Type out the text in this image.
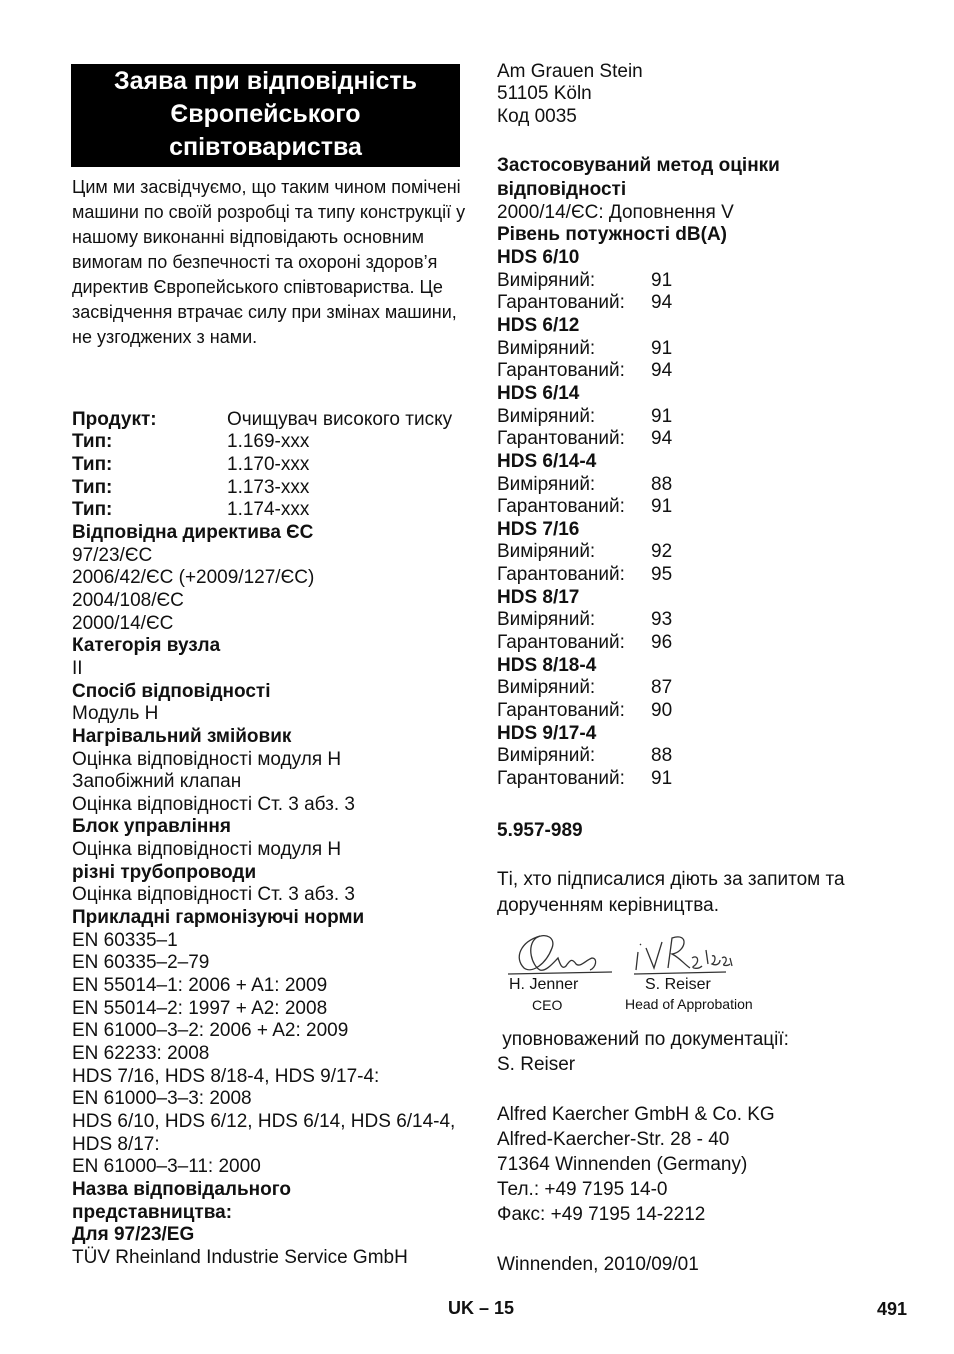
Заява при відповідність
Європейського
співтовариства
Цим ми засвідчуємо, що таким чином помічені машини по своїй розробці та типу конструкції у нашому виконанні відповідають основним вимогам по безпечності та охороні здоров’я директив Європейського співтовариства. Це засвідчення втрачає силу при змінах машини, не узгоджених з нами.
Продукт:	Очищувач високого тиску
Тип:	1.169-xxx
Тип:	1.170-xxx
Тип:	1.173-xxx
Тип:	1.174-xxx
Відповідна директива ЄС
97/23/ЄС
2006/42/ЄС (+2009/127/ЄС)
2004/108/ЄС
2000/14/ЄС
Категорія вузла
II
Спосіб відповідності
Модуль H
Нагрівальний змійовик
Оцінка відповідності модуля H
Запобіжний клапан
Оцінка відповідності Ст. 3 абз. 3
Блок управління
Оцінка відповідності модуля H
різні трубопроводи
Оцінка відповідності Ст. 3 абз. 3
Прикладні гармонізуючі норми
EN 60335–1
EN 60335–2–79
EN 55014–1: 2006 + A1: 2009
EN 55014–2: 1997 + A2: 2008
EN 61000–3–2: 2006 + A2: 2009
EN 62233: 2008
HDS 7/16, HDS 8/18-4, HDS 9/17-4:
EN 61000–3–3: 2008
HDS 6/10, HDS 6/12, HDS 6/14, HDS 6/14-4,
HDS 8/17:
EN 61000–3–11: 2000
Назва відповідального
представництва:
Для 97/23/EG
TÜV Rheinland Industrie Service GmbH
Am Grauen Stein
51105 Köln
Код 0035
Застосовуваний метод оцінки
відповідності
2000/14/ЄС: Доповнення V
Рівень потужності dB(A)
HDS 6/10
Виміряний:	91
Гарантований: 94
HDS 6/12
Виміряний:	91
Гарантований: 94
HDS 6/14
Виміряний:	91
Гарантований: 94
HDS 6/14-4
Виміряний:	88
Гарантований: 91
HDS 7/16
Виміряний:	92
Гарантований: 95
HDS 8/17
Виміряний:	93
Гарантований: 96
HDS 8/18-4
Виміряний:	87
Гарантований: 90
HDS 9/17-4
Виміряний:	88
Гарантований: 91
5.957-989
Ті, хто підписалися діють за запитом та
дорученням керівництва.
H. Jenner
CEO
S. Reiser
Head of Approbation
уповноважений по документації:
S. Reiser
Alfred Kaercher GmbH & Co. KG
Alfred-Kaercher-Str. 28 - 40
71364 Winnenden (Germany)
Тел.: +49 7195 14-0
Факс: +49 7195 14-2212
Winnenden, 2010/09/01
UK – 15	491
